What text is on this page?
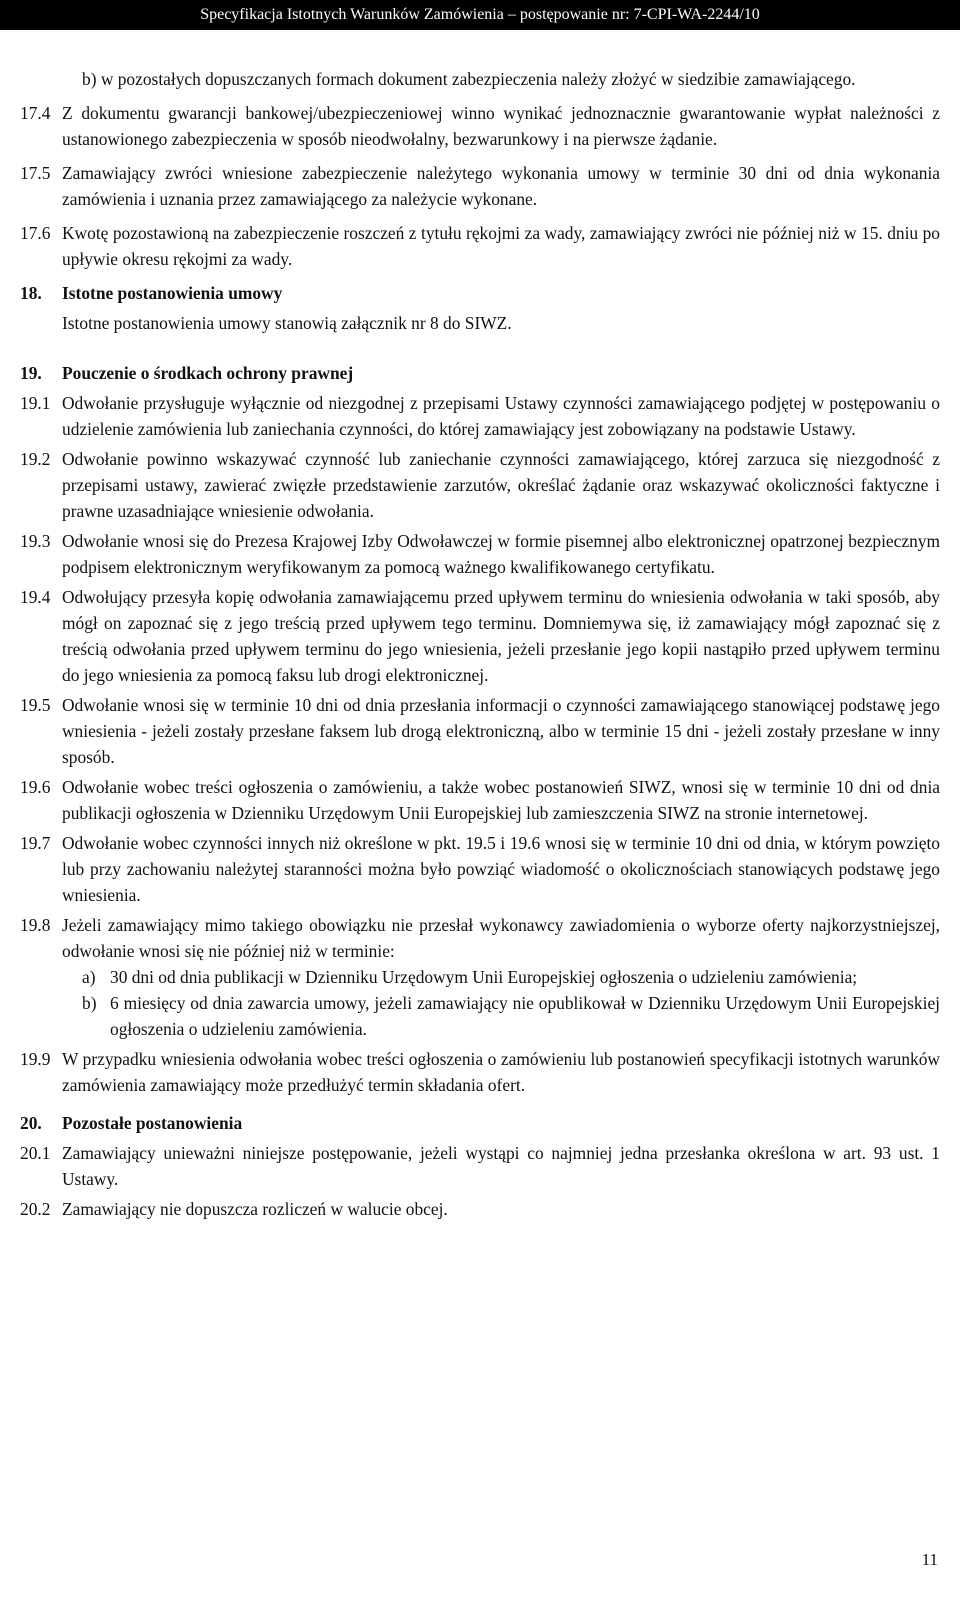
Specyfikacja Istotnych Warunków Zamówienia – postępowanie nr: 7-CPI-WA-2244/10
b) w pozostałych dopuszczanych formach dokument zabezpieczenia należy złożyć w siedzibie zamawiającego.
17.4 Z dokumentu gwarancji bankowej/ubezpieczeniowej winno wynikać jednoznacznie gwarantowanie wypłat należności z ustanowionego zabezpieczenia w sposób nieodwołalny, bezwarunkowy i na pierwsze żądanie.
17.5 Zamawiający zwróci wniesione zabezpieczenie należytego wykonania umowy w terminie 30 dni od dnia wykonania zamówienia i uznania przez zamawiającego za należycie wykonane.
17.6 Kwotę pozostawioną na zabezpieczenie roszczeń z tytułu rękojmi za wady, zamawiający zwróci nie później niż w 15. dniu po upływie okresu rękojmi za wady.
18.	Istotne postanowienia umowy
Istotne postanowienia umowy stanowią załącznik nr 8 do SIWZ.
19.	Pouczenie o środkach ochrony prawnej
19.1 Odwołanie przysługuje wyłącznie od niezgodnej z przepisami Ustawy czynności zamawiającego podjętej w postępowaniu o udzielenie zamówienia lub zaniechania czynności, do której zamawiający jest zobowiązany na podstawie Ustawy.
19.2 Odwołanie powinno wskazywać czynność lub zaniechanie czynności zamawiającego, której zarzuca się niezgodność z przepisami ustawy, zawierać zwięzłe przedstawienie zarzutów, określać żądanie oraz wskazywać okoliczności faktyczne i prawne uzasadniające wniesienie odwołania.
19.3 Odwołanie wnosi się do Prezesa Krajowej Izby Odwoławczej w formie pisemnej albo elektronicznej opatrzonej bezpiecznym podpisem elektronicznym weryfikowanym za pomocą ważnego kwalifikowanego certyfikatu.
19.4 Odwołujący przesyła kopię odwołania zamawiającemu przed upływem terminu do wniesienia odwołania w taki sposób, aby mógł on zapoznać się z jego treścią przed upływem tego terminu. Domniemywa się, iż zamawiający mógł zapoznać się z treścią odwołania przed upływem terminu do jego wniesienia, jeżeli przesłanie jego kopii nastąpiło przed upływem terminu do jego wniesienia za pomocą faksu lub drogi elektronicznej.
19.5 Odwołanie wnosi się w terminie 10 dni od dnia przesłania informacji o czynności zamawiającego stanowiącej podstawę jego wniesienia - jeżeli zostały przesłane faksem lub drogą elektroniczną, albo w terminie 15 dni - jeżeli zostały przesłane w inny sposób.
19.6 Odwołanie wobec treści ogłoszenia o zamówieniu, a także wobec postanowień SIWZ, wnosi się w terminie 10 dni od dnia publikacji ogłoszenia w Dzienniku Urzędowym Unii Europejskiej lub zamieszczenia SIWZ na stronie internetowej.
19.7 Odwołanie wobec czynności innych niż określone w pkt. 19.5 i 19.6 wnosi się w terminie 10 dni od dnia, w którym powzięto lub przy zachowaniu należytej staranności można było powziąć wiadomość o okolicznościach stanowiących podstawę jego wniesienia.
19.8 Jeżeli zamawiający mimo takiego obowiązku nie przesłał wykonawcy zawiadomienia o wyborze oferty najkorzystniejszej, odwołanie wnosi się nie później niż w terminie:
a) 30 dni od dnia publikacji w Dzienniku Urzędowym Unii Europejskiej ogłoszenia o udzieleniu zamówienia;
b) 6 miesięcy od dnia zawarcia umowy, jeżeli zamawiający nie opublikował w Dzienniku Urzędowym Unii Europejskiej ogłoszenia o udzieleniu zamówienia.
19.9 W przypadku wniesienia odwołania wobec treści ogłoszenia o zamówieniu lub postanowień specyfikacji istotnych warunków zamówienia zamawiający może przedłużyć termin składania ofert.
20.	Pozostałe postanowienia
20.1 Zamawiający unieważni niniejsze postępowanie, jeżeli wystąpi co najmniej jedna przesłanka określona w art. 93 ust. 1 Ustawy.
20.2 Zamawiający nie dopuszcza rozliczeń w walucie obcej.
11
